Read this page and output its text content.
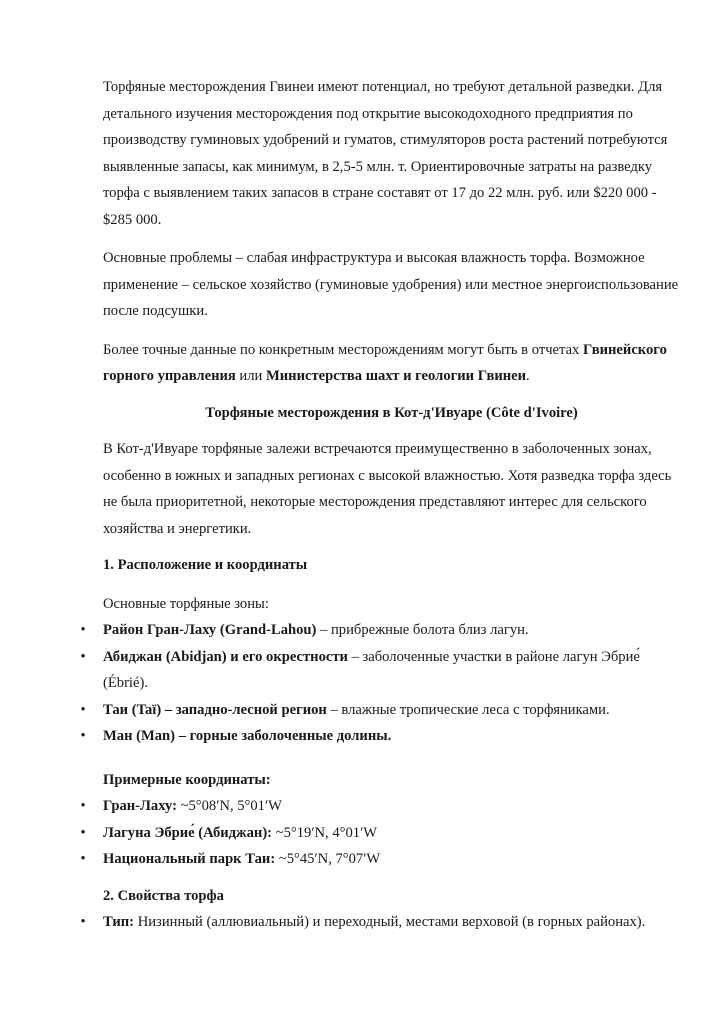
Торфяные месторождения Гвинеи имеют потенциал, но требуют детальной разведки. Для детального изучения месторождения под открытие высокодоходного предприятия по производству гуминовых удобрений и гуматов, стимуляторов роста растений потребуются выявленные запасы, как минимум, в 2,5-5 млн. т. Ориентировочные затраты на разведку торфа с выявлением таких запасов в стране составят от 17 до 22 млн. руб. или $220 000 - $285 000.

Основные проблемы – слабая инфраструктура и высокая влажность торфа. Возможное применение – сельское хозяйство (гуминовые удобрения) или местное энергоиспользование после подсушки.

Более точные данные по конкретным месторождениям могут быть в отчетах Гвинейского горного управления или Министерства шахт и геологии Гвинеи.

Торфяные месторождения в Кот-д'Ивуаре (Côte d'Ivoire)

В Кот-д'Ивуаре торфяные залежи встречаются преимущественно в заболоченных зонах, особенно в южных и западных регионах с высокой влажностью. Хотя разведка торфа здесь не была приоритетной, некоторые месторождения представляют интерес для сельского хозяйства и энергетики.

1. Расположение и координаты

Основные торфяные зоны:

• Район Гран-Лаху (Grand-Lahou) – прибрежные болота близ лагун.
• Абиджан (Abidjan) и его окрестности – заболоченные участки в районе лагун Эбрие́ (Ébrié).
• Таи (Taï) – западно-лесной регион – влажные тропические леса с торфяниками.
• Ман (Man) – горные заболоченные долины.

Примерные координаты:

• Гран-Лаху: ~5°08′N, 5°01′W
• Лагуна Эбрие́ (Абиджан): ~5°19′N, 4°01′W
• Национальный парк Таи: ~5°45′N, 7°07′W

2. Свойства торфа

• Тип: Низинный (аллювиальный) и переходный, местами верховой (в горных районах).
